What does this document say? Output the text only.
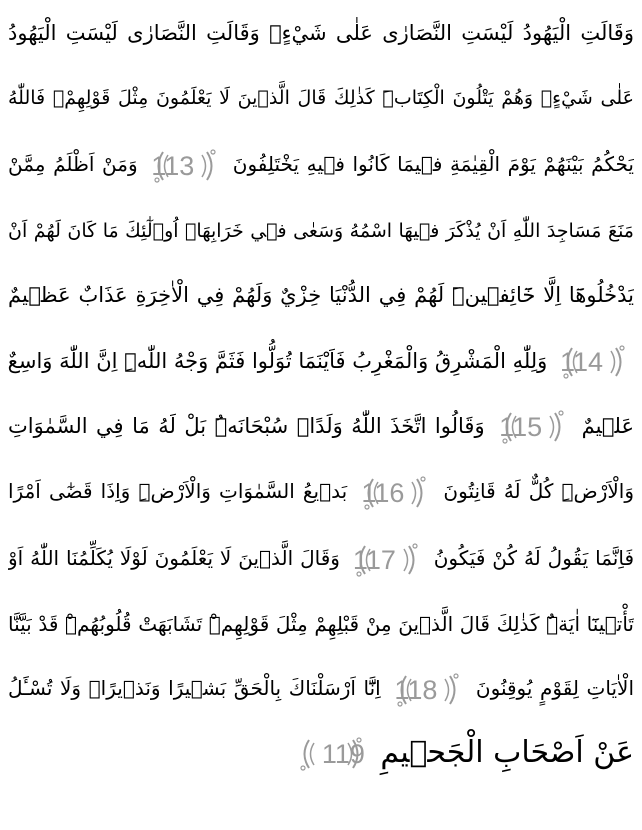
وَقَالَتِ الْيَهُودُ لَيْسَتِ النَّصَارٰى عَلٰى شَيْءٍۖ وَقَالَتِ النَّصَارٰى لَيْسَتِ الْيَهُودُ
عَلٰى شَيْءٍۙ وَهُمْ يَتْلُونَ الْكِتَابَۜ كَذٰلِكَ قَالَ الَّذ۪ينَ لَا يَعْلَمُونَ مِثْلَ قَوْلِهِمْۚ فَاللّٰهُ
يَحْكُمُ بَيْنَهُمْ يَوْمَ الْقِيٰمَةِ ف۪يمَا كَانُوا ف۪يهِ يَخْتَلِفُونَ
113
وَمَنْ اَظْلَمُ مِمَّنْ
مَنَعَ مَسَاجِدَ اللّٰهِ اَنْ يُذْكَرَ ف۪يهَا اسْمُهُ وَسَعٰى ف۪ي خَرَابِهَاۜ اُو۬لٰٓئِكَ مَا كَانَ لَهُمْ اَنْ
يَدْخُلُوهَٓا اِلَّا خَٓائِف۪ينَۜ لَهُمْ فِي الدُّنْيَا خِزْيٌ وَلَهُمْ فِي الْاٰخِرَةِ عَذَابٌ عَظ۪يمٌ
114
وَلِلّٰهِ الْمَشْرِقُ وَالْمَغْرِبُ فَاَيْنَمَا تُوَلُّوا فَثَمَّ وَجْهُ اللّٰهِۜ اِنَّ اللّٰهَ وَاسِعٌ
عَل۪يمٌ
115
وَقَالُوا اتَّخَذَ اللّٰهُ وَلَدًاۙ سُبْحَانَهُۜ بَلْ لَهُ مَا فِي السَّمٰوَاتِ
وَالْاَرْضِۜ كُلٌّ لَهُ قَانِتُونَ
116
بَد۪يعُ السَّمٰوَاتِ وَالْاَرْضِۜ وَاِذَا قَضٰٓى اَمْرًا
فَاِنَّمَا يَقُولُ لَهُ كُنْ فَيَكُونُ
117
وَقَالَ الَّذ۪ينَ لَا يَعْلَمُونَ لَوْلَا يُكَلِّمُنَا اللّٰهُ اَوْ
تَأْت۪ينَٓا اٰيَةٌۜ كَذٰلِكَ قَالَ الَّذ۪ينَ مِنْ قَبْلِهِمْ مِثْلَ قَوْلِهِمْۜ تَشَابَهَتْ قُلُوبُهُمْۜ قَدْ بَيَّنَّا
الْاٰيَاتِ لِقَوْمٍ يُوقِنُونَ
118
اِنَّٓا اَرْسَلْنَاكَ بِالْحَقِّ بَش۪يرًا وَنَذ۪يرًاۙ وَلَا تُسْـَٔلُ
عَنْ اَصْحَابِ الْجَح۪يمِ
119
